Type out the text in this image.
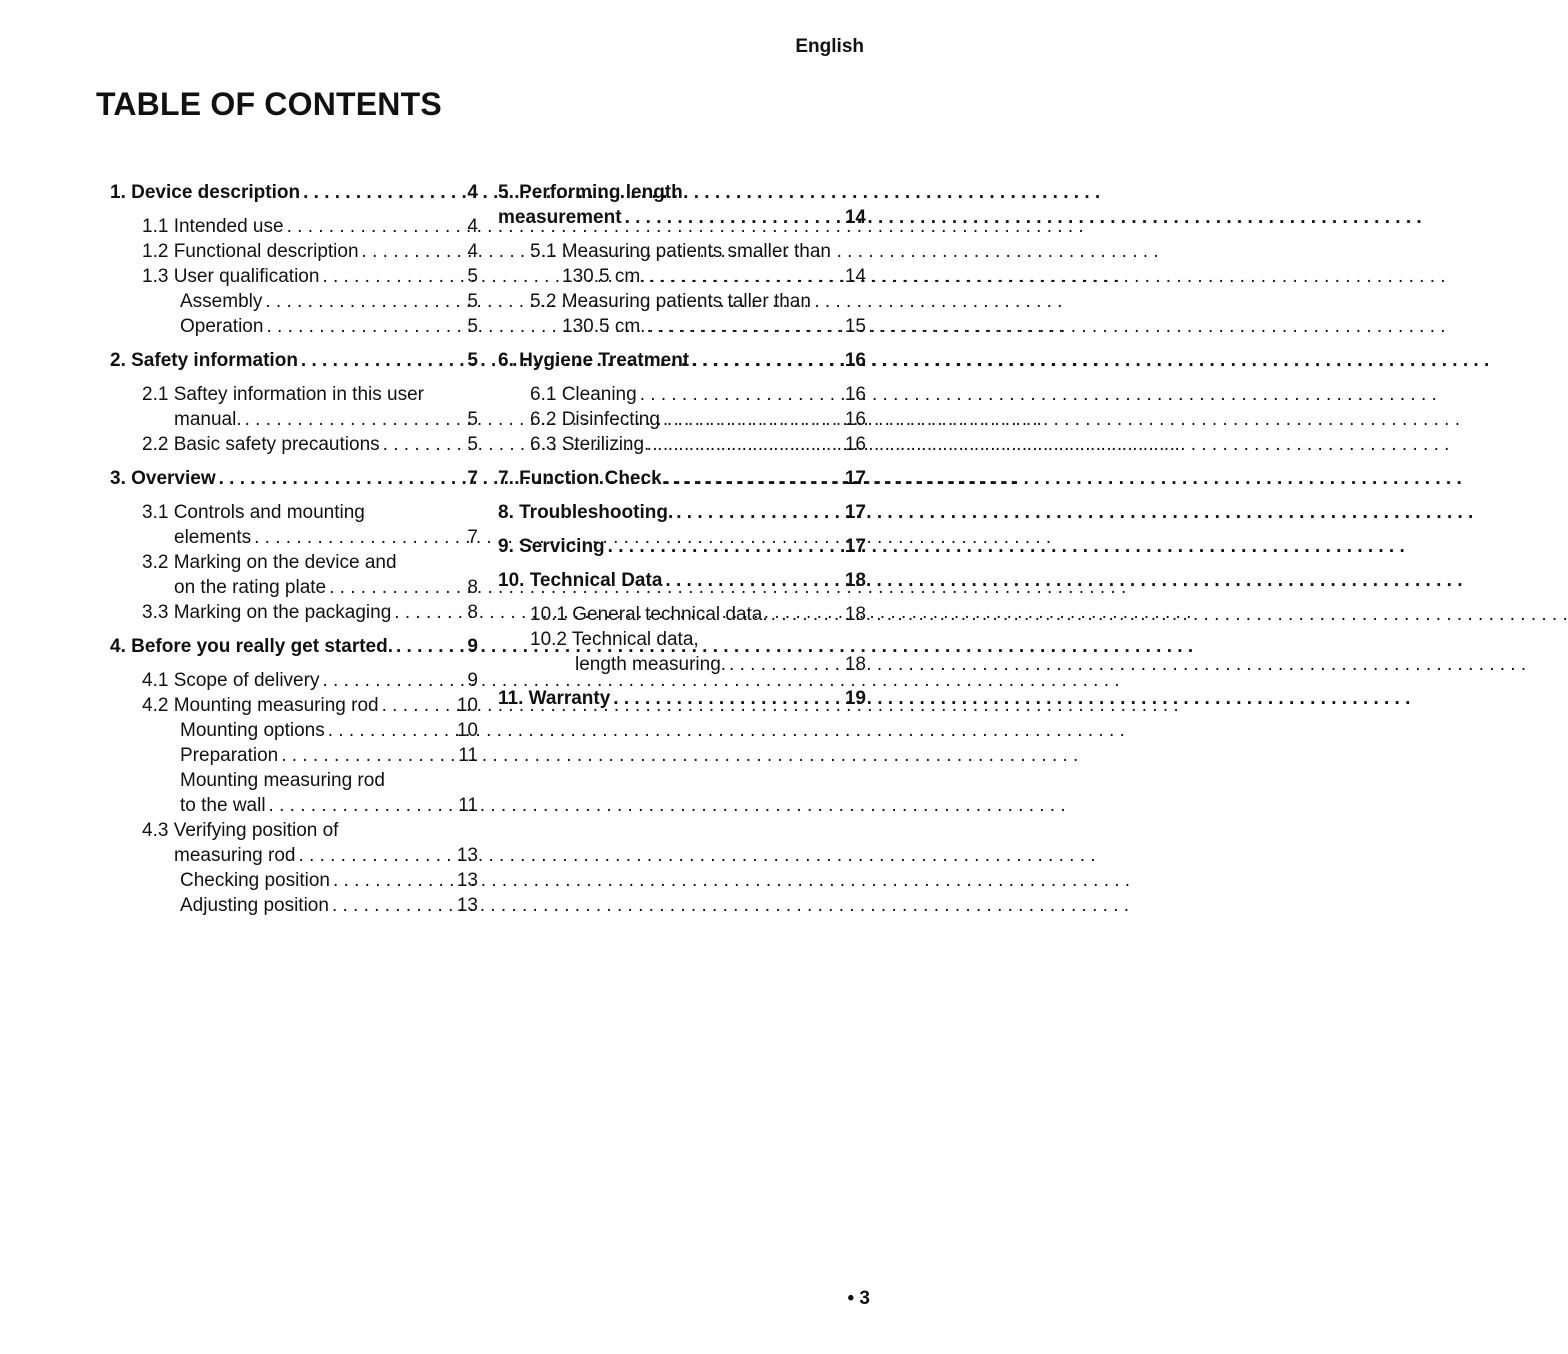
English
TABLE OF CONTENTS
1. Device description . . .	4
1.1 Intended use . . .	4
1.2 Functional description . . .	4
1.3 User qualification . . .	5
Assembly . . .	5
Operation . . .	5
2. Safety information . . .	5
2.1 Saftey information in this user
manual. . . .	5
2.2 Basic safety precautions . . .	5
3. Overview . . .	7
3.1 Controls and mounting
elements . . .	7
3.2 Marking on the device and
on the rating plate . . .	8
3.3 Marking on the packaging . . .	8
4. Before you really get started. . . .	9
4.1 Scope of delivery . . .	9
4.2 Mounting measuring rod . . .	10
Mounting options . . .	10
Preparation . . .	11
Mounting measuring rod
to the wall . . .	11
4.3 Verifying position of
measuring rod . . .	13
Checking position . . .	13
Adjusting position . . .	13
5. Performing length
measurement . . .	14
5.1 Measuring patients smaller than
130.5 cm. . . .	14
5.2 Measuring patients taller than
130.5 cm. . . .	15
6. Hygiene Treatment . . .	16
6.1 Cleaning . . .	16
6.2 Disinfecting . . .	16
6.3 Sterilizing. . . .	16
7. Function Check . . .	17
8. Troubleshooting. . . .	17
9. Servicing . . .	17
10. Technical Data . . .	18
10.1 General technical data. . . .	18
10.2 Technical data,
length measuring. . . .	18
11. Warranty . . .	19
• 3
